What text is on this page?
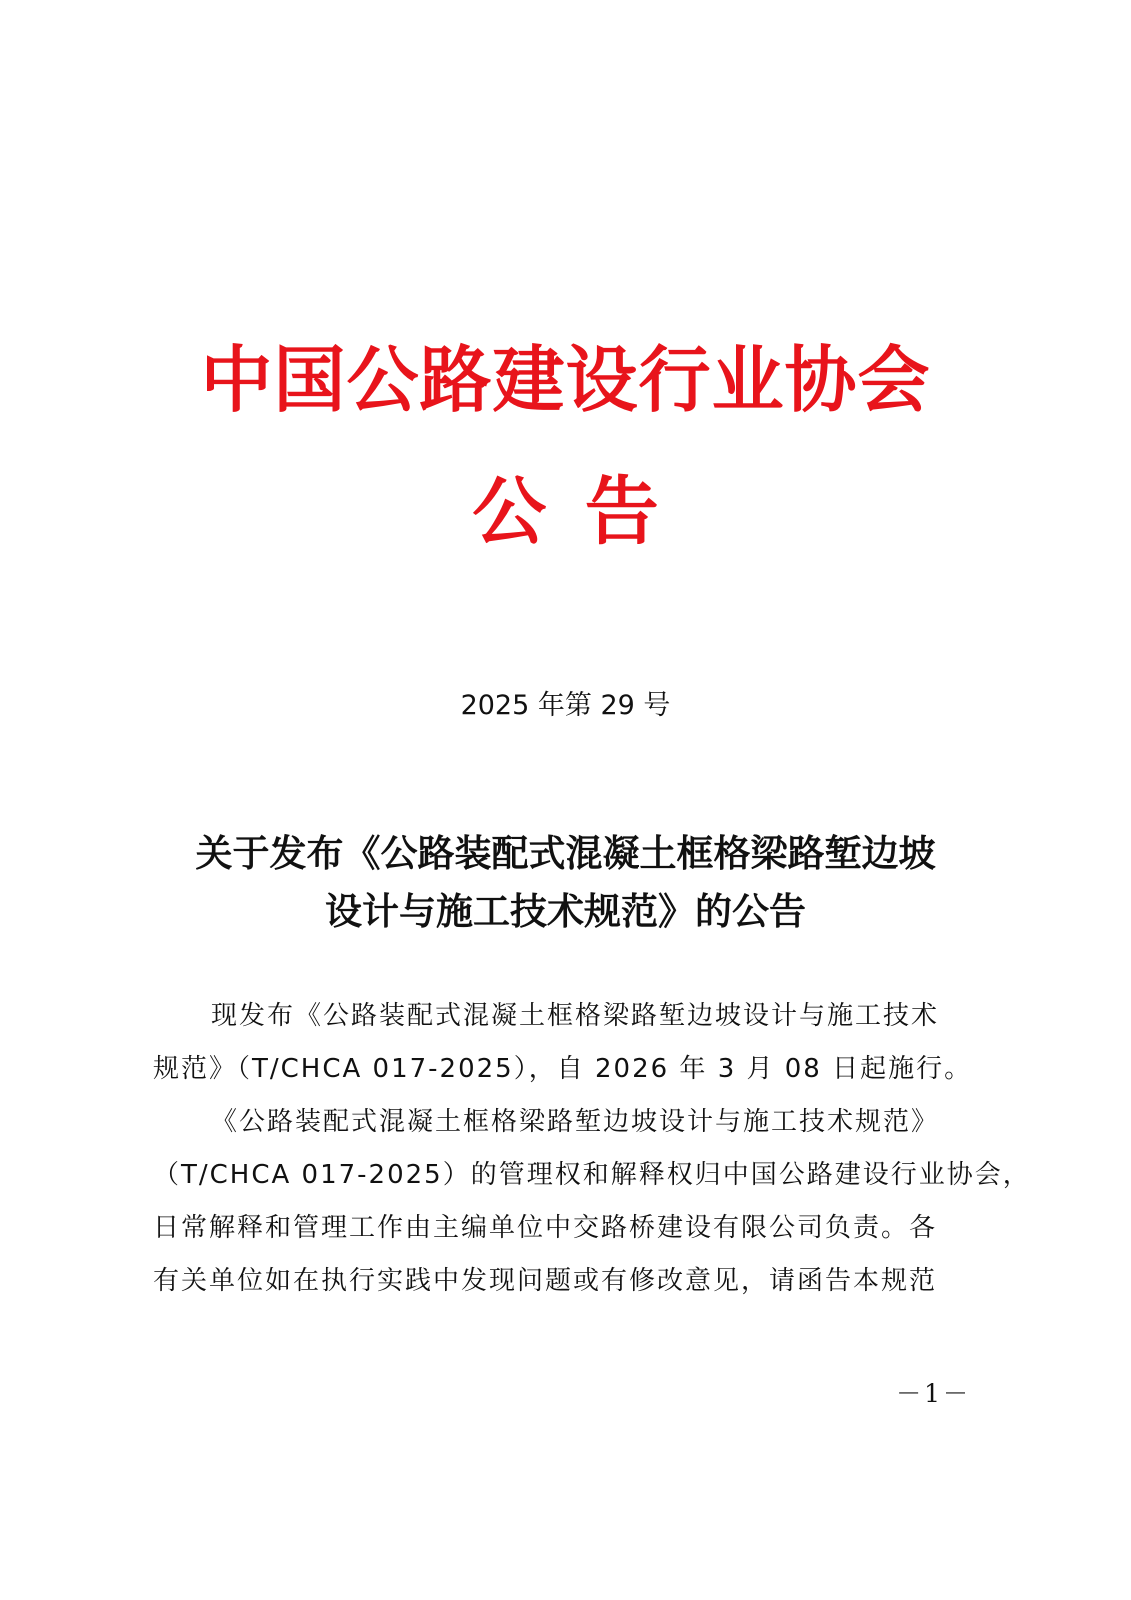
中国公路建设行业协会
公 告

2025 年第 29 号

关于发布《公路装配式混凝土框格梁路堑边坡
设计与施工技术规范》的公告
现发布《公路装配式混凝土框格梁路堑边坡设计与施工技术
规范》（T/CHCA 017-2025），自 2026 年 3 月 08 日起施行。
《公路装配式混凝土框格梁路堑边坡设计与施工技术规范》
（T/CHCA 017-2025）的管理权和解释权归中国公路建设行业协会，
日常解释和管理工作由主编单位中交路桥建设有限公司负责。各
有关单位如在执行实践中发现问题或有修改意见，请函告本规范
－1－
